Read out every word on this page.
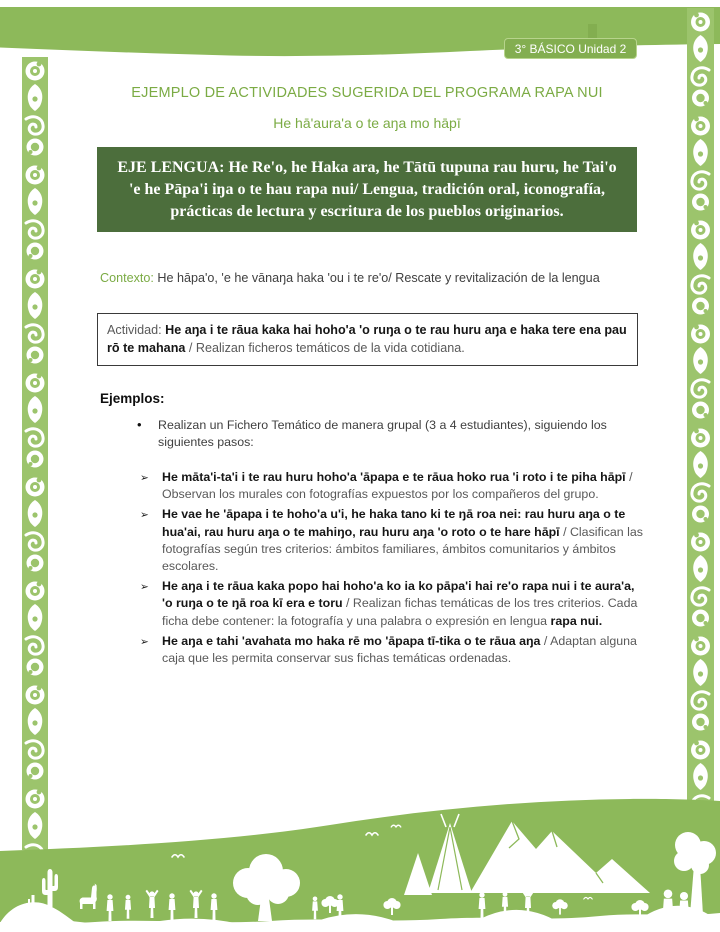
3° BÁSICO Unidad 2
EJEMPLO DE ACTIVIDADES SUGERIDA DEL PROGRAMA RAPA NUI
He hā'aura'a o te aŋa mo hāpī
EJE LENGUA: He Re'o, he Haka ara, he Tātū tupuna rau huru, he Tai'o 'e he Pāpa'i iŋa o te hau rapa nui/ Lengua, tradición oral, iconografía, prácticas de lectura y escritura de los pueblos originarios.
Contexto: He hāpa'o, 'e he vānaŋa haka 'ou i te re'o/ Rescate y revitalización de la lengua
Actividad: He aŋa i te rāua kaka hai hoho'a 'o ruŋa o te rau huru aŋa e haka tere ena pau rō te mahana / Realizan ficheros temáticos de la vida cotidiana.
Ejemplos:
• Realizan un Fichero Temático de manera grupal (3 a 4 estudiantes), siguiendo los siguientes pasos:
➢ He māta'i-ta'i i te rau huru hoho'a 'āpapa e te rāua hoko rua 'i roto i te piha hāpī / Observan los murales con fotografías expuestos por los compañeros del grupo.
➢ He vae he 'āpapa i te hoho'a u'i, he haka tano ki te ŋā roa nei: rau huru aŋa o te hua'ai, rau huru aŋa o te mahiŋo, rau huru aŋa 'o roto o te hare hāpī / Clasifican las fotografías según tres criterios: ámbitos familiares, ámbitos comunitarios y ámbitos escolares.
➢ He aŋa i te rāua kaka popo hai hoho'a ko ia ko pāpa'i hai re'o rapa nui i te aura'a, 'o ruŋa o te ŋā roa kī era e toru / Realizan fichas temáticas de los tres criterios. Cada ficha debe contener: la fotografía y una palabra o expresión en lengua rapa nui.
➢ He aŋa e tahi 'avahata mo haka rē mo 'āpapa tī-tika o te rāua aŋa / Adaptan alguna caja que les permita conservar sus fichas temáticas ordenadas.
